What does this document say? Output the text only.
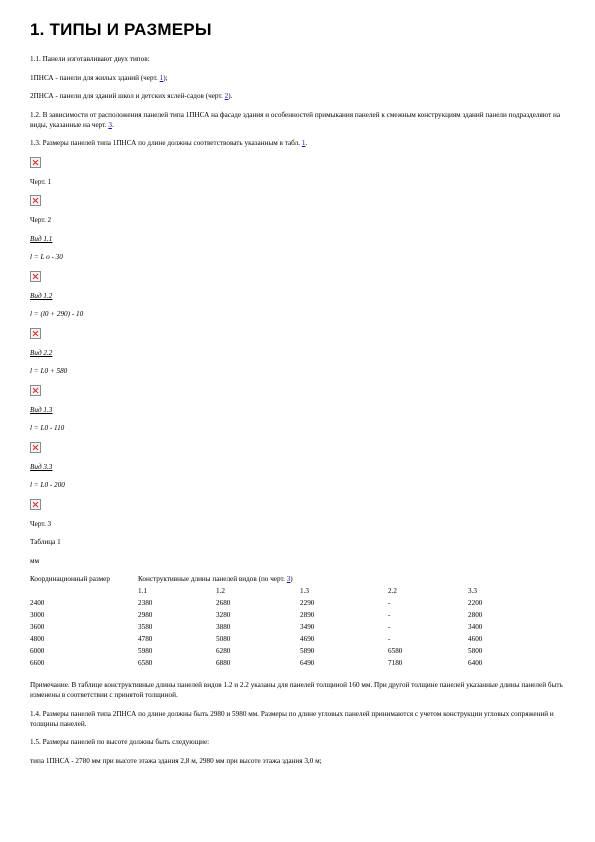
1. ТИПЫ И РАЗМЕРЫ

1.1. Панели изготавливают двух типов:

1ПНСА - панели для жилых зданий (черт. 1);

2ПНСА - панели для зданий школ и детских яслей-садов (черт. 2).

1.2. В зависимости от расположения панелей типа 1ПНСА на фасаде здания и особенностей примыкания панелей к смежным конструкциям зданий панели подразделяют на виды, указанные на черт. 3.

1.3. Размеры панелей типа 1ПНСА по длине должны соответствовать указанным в табл. 1.

Черт. 1

Черт. 2

Вид 1.1

l = L о - 30

Вид 1.2

l = (l0 + 290) - 10

Вид 2.2

l = L0 + 580

Вид 1.3

l = L0 - 110

Вид 3.3

l = L0 - 200

Черт. 3

Таблица 1

мм

Координационный размер	Конструктивные длины панелей видов (по черт. 3)				
	1.1	1.2	1.3	2.2	3.3
2400	2380	2680	2290	-	2200
3000	2980	3280	2890	-	2800
3600	3580	3880	3490	-	3400
4800	4780	5080	4690	-	4600
6000	5980	6280	5890	6580	5800
6600	6580	6880	6490	7180	6400

Примечание. В таблице конструктивные длины панелей видов 1.2 и 2.2 указаны для панелей толщиной 160 мм. При другой толщине панелей указанные длины панелей быть изменены в соответствии с принятой толщиной.

1.4. Размеры панелей типа 2ПНСА по длине должны быть 2980 и 5980 мм. Размеры по длине угловых панелей принимаются с учетом конструкции угловых сопряжений и толщины панелей.

1.5. Размеры панелей по высоте должны быть следующие:

типа 1ПНСА - 2780 мм при высоте этажа здания 2,8 м, 2980 мм при высоте этажа здания 3,0 м;
